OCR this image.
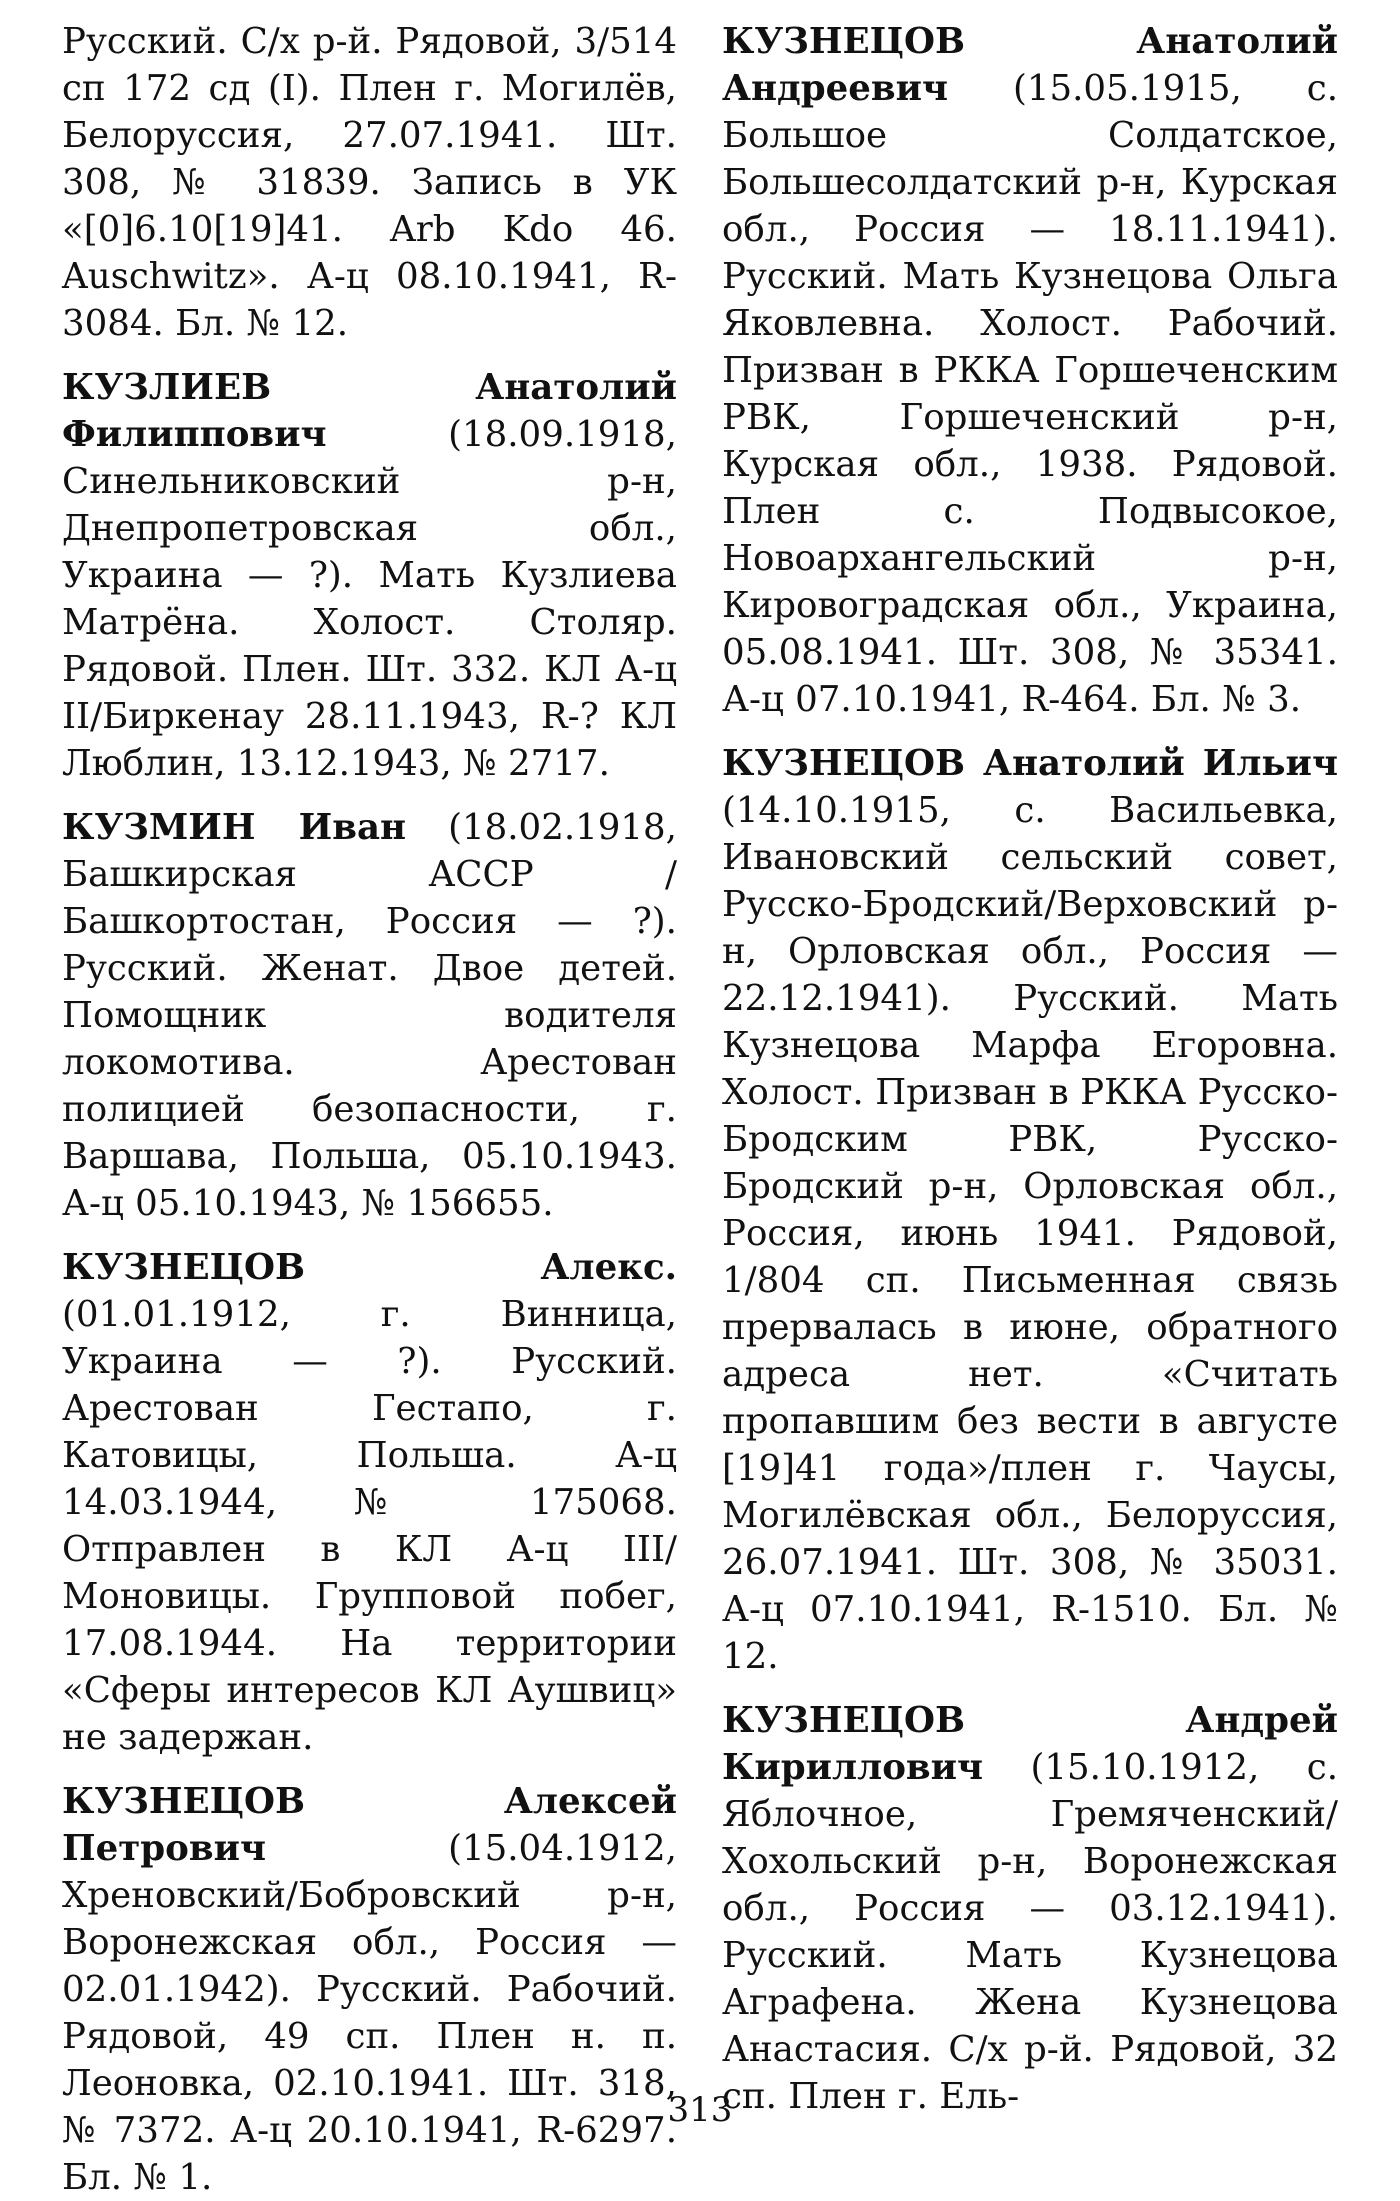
Русский. С/х р-й. Рядовой, 3/514 сп 172 сд (I). Плен г. Могилёв, Белоруссия, 27.07.1941. Шт. 308, № 31839. Запись в УК «[0]6.10[19]41. Arb Kdo 46. Auschwitz». А-ц 08.10.1941, R-3084. Бл. № 12.

КУЗЛИЕВ Анатолий Филиппович (18.09.1918, Синельниковский р-н, Днепропетровская обл., Украина — ?). Мать Кузлиева Матрёна. Холост. Столяр. Рядовой. Плен. Шт. 332. КЛ А-ц II/Биркенау 28.11.1943, R-? КЛ Люблин, 13.12.1943, № 2717.

КУЗМИН Иван (18.02.1918, Башкирская АССР / Башкортостан, Россия — ?). Русский. Женат. Двое детей. Помощник водителя локомотива. Арестован полицией безопасности, г. Варшава, Польша, 05.10.1943. А-ц 05.10.1943, № 156655.

КУЗНЕЦОВ Алекс. (01.01.1912, г. Винница, Украина — ?). Русский. Арестован Гестапо, г. Катовицы, Польша. А-ц 14.03.1944, № 175068. Отправлен в КЛ А-ц III/Моновицы. Групповой побег, 17.08.1944. На территории «Сферы интересов КЛ Аушвиц» не задержан.

КУЗНЕЦОВ Алексей Петрович (15.04.1912, Хреновский/Бобровский р-н, Воронежская обл., Россия — 02.01.1942). Русский. Рабочий. Рядовой, 49 сп. Плен н. п. Леоновка, 02.10.1941. Шт. 318, № 7372. А-ц 20.10.1941, R-6297. Бл. № 1.

КУЗНЕЦОВ Анатолий Андреевич (15.05.1915, с. Большое Солдатское, Большесолдатский р-н, Курская обл., Россия — 18.11.1941). Русский. Мать Кузнецова Ольга Яковлевна. Холост. Рабочий. Призван в РККА Горшеченским РВК, Горшеченский р-н, Курская обл., 1938. Рядовой. Плен с. Подвысокое, Новоархангельский р-н, Кировоградская обл., Украина, 05.08.1941. Шт. 308, № 35341. А-ц 07.10.1941, R-464. Бл. № 3.

КУЗНЕЦОВ Анатолий Ильич (14.10.1915, с. Васильевка, Ивановский сельский совет, Русско-Бродский/Верховский р-н, Орловская обл., Россия — 22.12.1941). Русский. Мать Кузнецова Марфа Егоровна. Холост. Призван в РККА Русско-Бродским РВК, Русско-Бродский р-н, Орловская обл., Россия, июнь 1941. Рядовой, 1/804 сп. Письменная связь прервалась в июне, обратного адреса нет. «Считать пропавшим без вести в августе [19]41 года»/плен г. Чаусы, Могилёвская обл., Белоруссия, 26.07.1941. Шт. 308, № 35031. А-ц 07.10.1941, R-1510. Бл. № 12.

КУЗНЕЦОВ Андрей Кириллович (15.10.1912, с. Яблочное, Гремяченский/Хохольский р-н, Воронежская обл., Россия — 03.12.1941). Русский. Мать Кузнецова Аграфена. Жена Кузнецова Анастасия. С/х р-й. Рядовой, 32 сп. Плен г. Ель-

313
